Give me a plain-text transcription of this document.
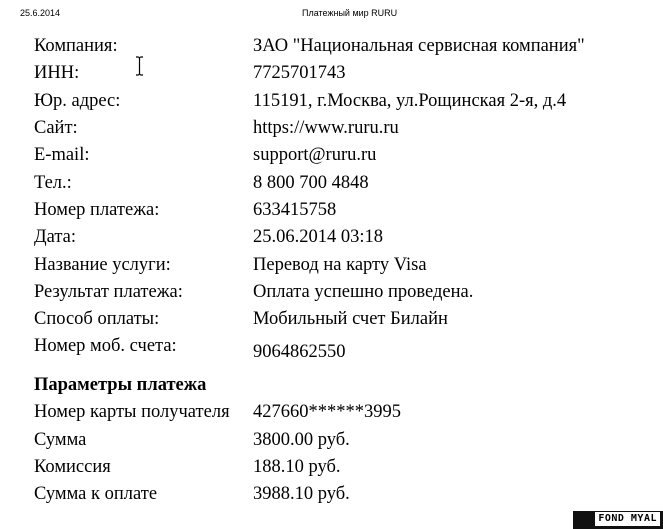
25.6.2014	Платежный мир RURU
Компания:	ЗАО "Национальная сервисная компания"
ИНН:	7725701743
Юр. адрес:	115191, г.Москва, ул.Рощинская 2-я, д.4
Сайт:	https://www.ruru.ru
E-mail:	support@ruru.ru
Тел.:	8 800 700 4848
Номер платежа:	633415758
Дата:	25.06.2014 03:18
Название услуги:	Перевод на карту Visa
Результат платежа:	Оплата успешно проведена.
Способ оплаты:	Мобильный счет Билайн
Номер моб. счета:	9064862550
Параметры платежа
Номер карты получателя 427660******3995
Сумма	3800.00 руб.
Комиссия	188.10 руб.
Сумма к оплате	3988.10 руб.
FOND MYAL
